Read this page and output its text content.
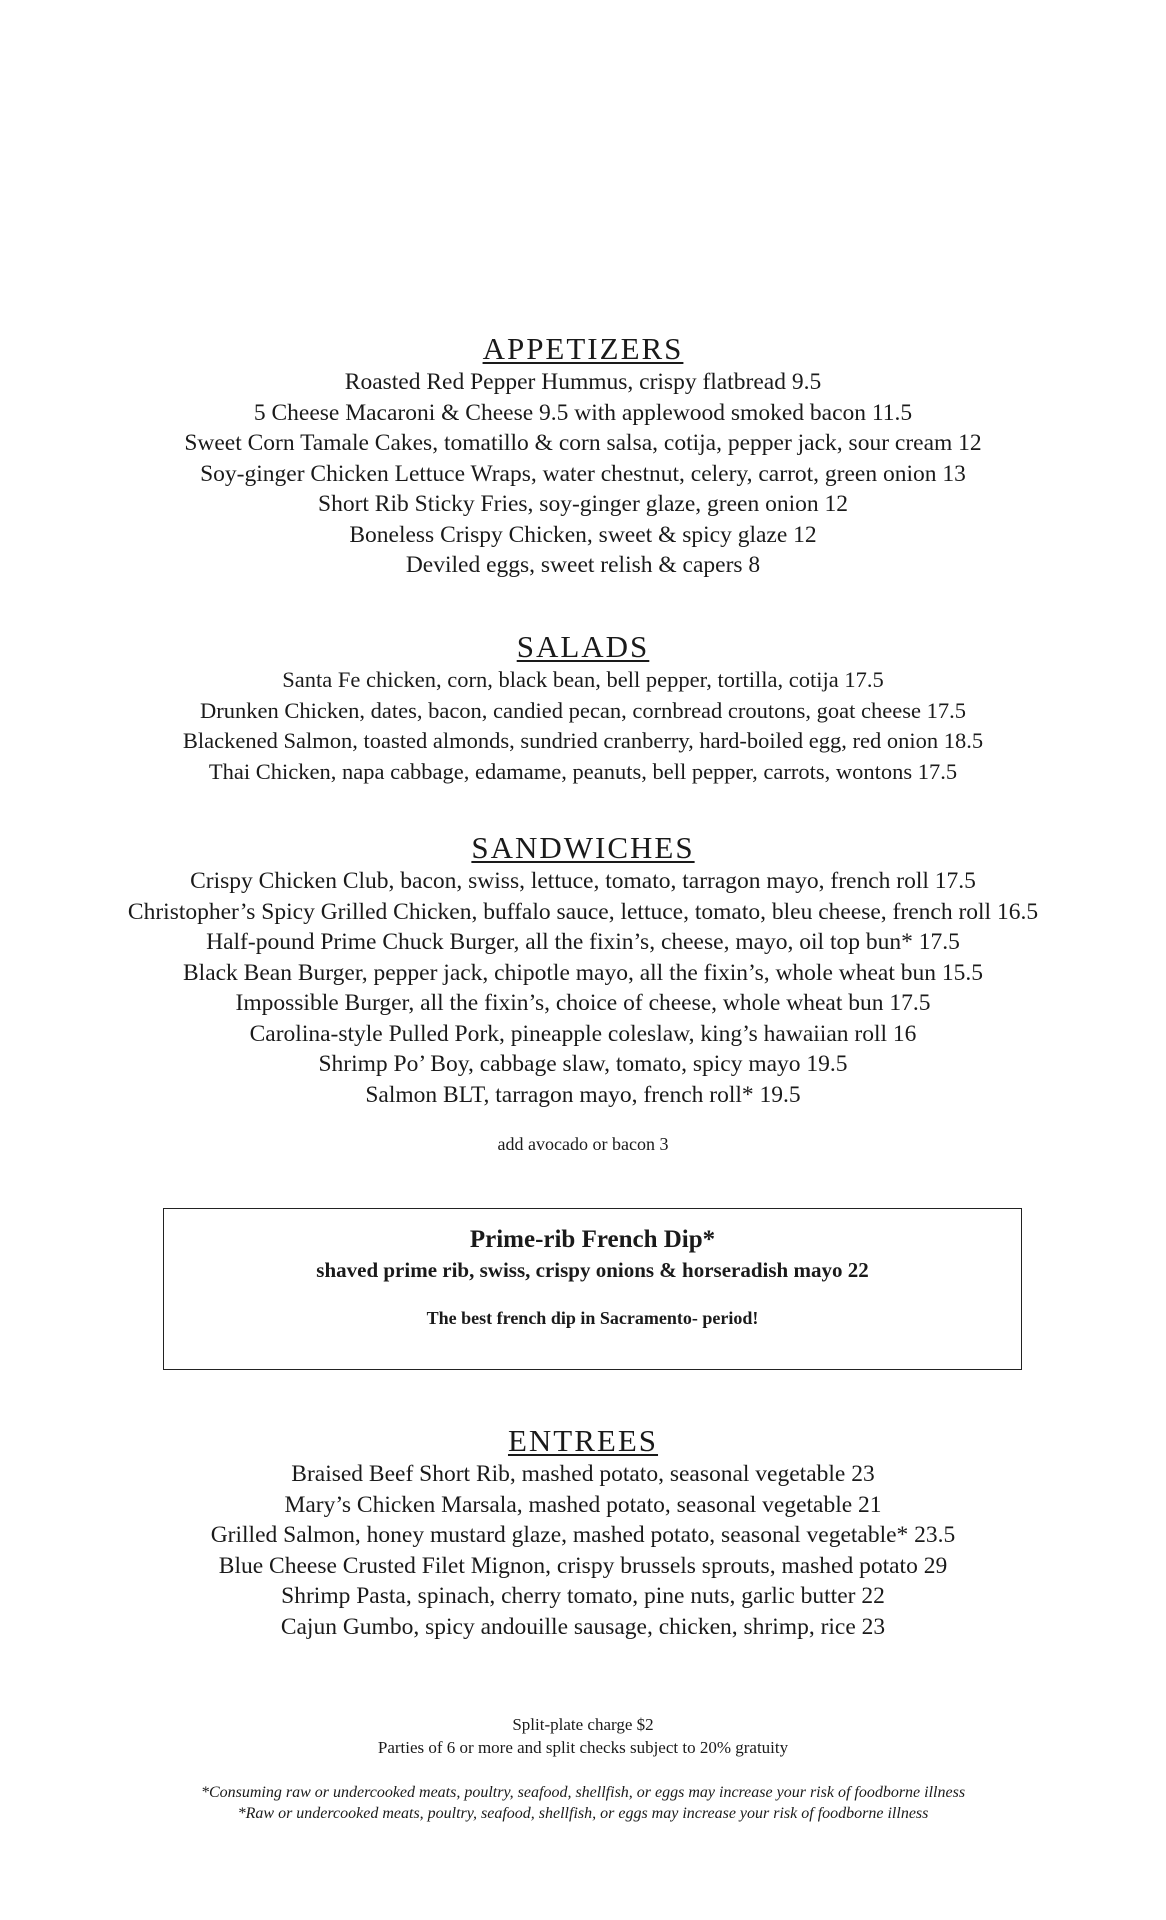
APPETIZERS
Roasted Red Pepper Hummus, crispy flatbread 9.5
5 Cheese Macaroni & Cheese 9.5 with applewood smoked bacon 11.5
Sweet Corn Tamale Cakes, tomatillo & corn salsa, cotija, pepper jack, sour cream 12
Soy-ginger Chicken Lettuce Wraps, water chestnut, celery, carrot, green onion 13
Short Rib Sticky Fries, soy-ginger glaze, green onion 12
Boneless Crispy Chicken, sweet & spicy glaze 12
Deviled eggs, sweet relish & capers 8
SALADS
Santa Fe chicken, corn, black bean, bell pepper, tortilla, cotija 17.5
Drunken Chicken, dates, bacon, candied pecan, cornbread croutons, goat cheese 17.5
Blackened Salmon, toasted almonds, sundried cranberry, hard-boiled egg, red onion 18.5
Thai Chicken, napa cabbage, edamame, peanuts, bell pepper, carrots, wontons 17.5
SANDWICHES
Crispy Chicken Club, bacon, swiss, lettuce, tomato, tarragon mayo, french roll 17.5
Christopher’s Spicy Grilled Chicken, buffalo sauce, lettuce, tomato, bleu cheese, french roll 16.5
Half-pound Prime Chuck Burger, all the fixin’s, cheese, mayo, oil top bun* 17.5
Black Bean Burger, pepper jack, chipotle mayo, all the fixin’s, whole wheat bun 15.5
Impossible Burger, all the fixin’s, choice of cheese, whole wheat bun 17.5
Carolina-style Pulled Pork, pineapple coleslaw, king’s hawaiian roll 16
Shrimp Po’ Boy, cabbage slaw, tomato, spicy mayo 19.5
Salmon BLT, tarragon mayo, french roll* 19.5
add avocado or bacon 3
Prime-rib French Dip*
shaved prime rib, swiss, crispy onions & horseradish mayo 22
The best french dip in Sacramento- period!
ENTREES
Braised Beef Short Rib, mashed potato, seasonal vegetable 23
Mary’s Chicken Marsala, mashed potato, seasonal vegetable 21
Grilled Salmon, honey mustard glaze, mashed potato, seasonal vegetable* 23.5
Blue Cheese Crusted Filet Mignon, crispy brussels sprouts, mashed potato 29
Shrimp Pasta, spinach, cherry tomato, pine nuts, garlic butter 22
Cajun Gumbo, spicy andouille sausage, chicken, shrimp, rice 23
Split-plate charge $2
Parties of 6 or more and split checks subject to 20% gratuity
*Consuming raw or undercooked meats, poultry, seafood, shellfish, or eggs may increase your risk of foodborne illness
*Raw or undercooked meats, poultry, seafood, shellfish, or eggs may increase your risk of foodborne illness
